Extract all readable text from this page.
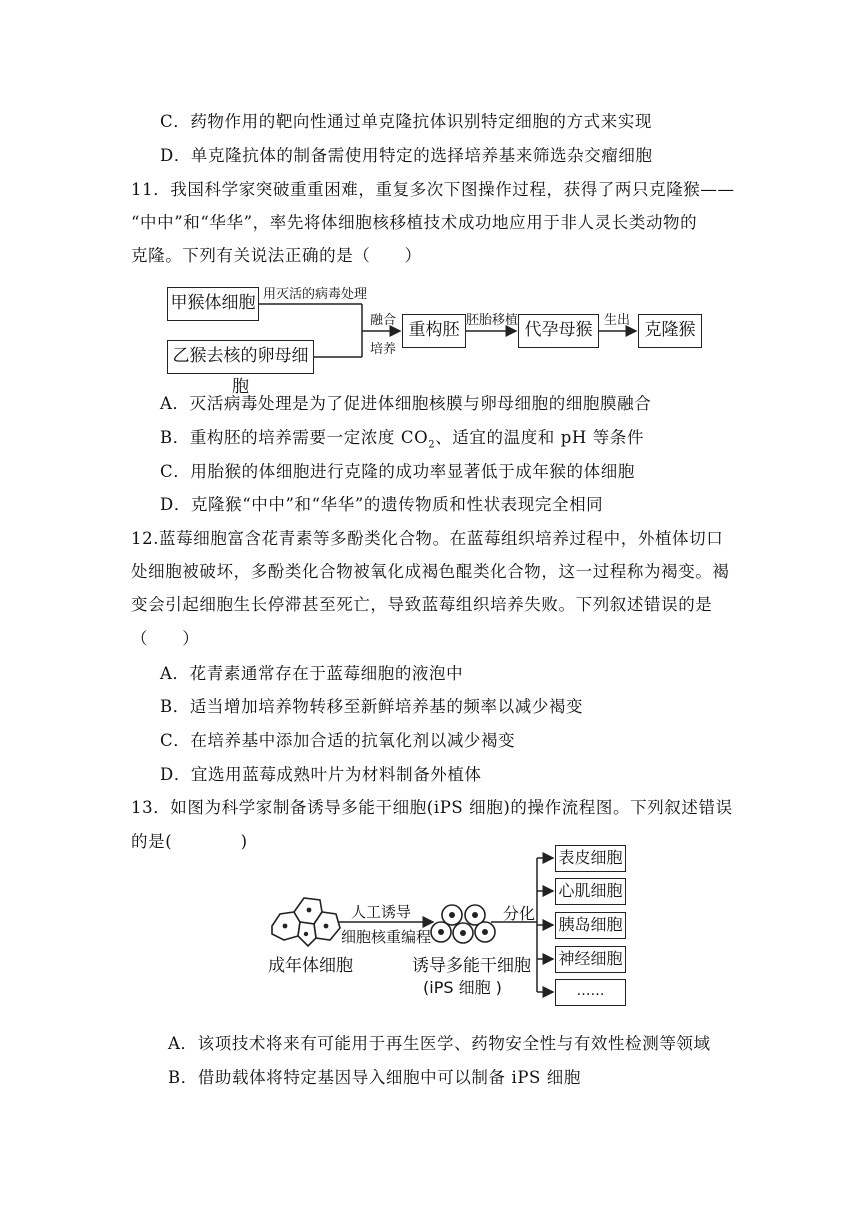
C．药物作用的靶向性通过单克隆抗体识别特定细胞的方式来实现
D．单克隆抗体的制备需使用特定的选择培养基来筛选杂交瘤细胞
11．我国科学家突破重重困难，重复多次下图操作过程，获得了两只克隆猴——
“中中”和“华华”，率先将体细胞核移植技术成功地应用于非人灵长类动物的
克隆。下列有关说法正确的是（　　）
甲猴体细胞
乙猴去核的卵母细胞
用灭活的病毒处理
融合
培养
重构胚 胚胎移植 代孕母猴 生出 克隆猴
A．灭活病毒处理是为了促进体细胞核膜与卵母细胞的细胞膜融合
B．重构胚的培养需要一定浓度 $CO_2$、适宜的温度和 pH 等条件
C．用胎猴的体细胞进行克隆的成功率显著低于成年猴的体细胞
D．克隆猴“中中”和“华华”的遗传物质和性状表现完全相同
12.蓝莓细胞富含花青素等多酚类化合物。在蓝莓组织培养过程中，外植体切口
处细胞被破坏，多酚类化合物被氧化成褐色醌类化合物，这一过程称为褐变。褐
变会引起细胞生长停滞甚至死亡，导致蓝莓组织培养失败。下列叙述错误的是
（　　）
A．花青素通常存在于蓝莓细胞的液泡中
B．适当增加培养物转移至新鲜培养基的频率以减少褐变
C．在培养基中添加合适的抗氧化剂以减少褐变
D．宜选用蓝莓成熟叶片为材料制备外植体
13．如图为科学家制备诱导多能干细胞(iPS 细胞)的操作流程图。下列叙述错误
的是(　　　　)
人工诱导
细胞核重编程
成年体细胞	诱导多能干细胞
(iPS 细胞 )
分化
表皮细胞
心肌细胞
胰岛细胞
神经细胞
……
A．该项技术将来有可能用于再生医学、药物安全性与有效性检测等领域
B．借助载体将特定基因导入细胞中可以制备 iPS 细胞
